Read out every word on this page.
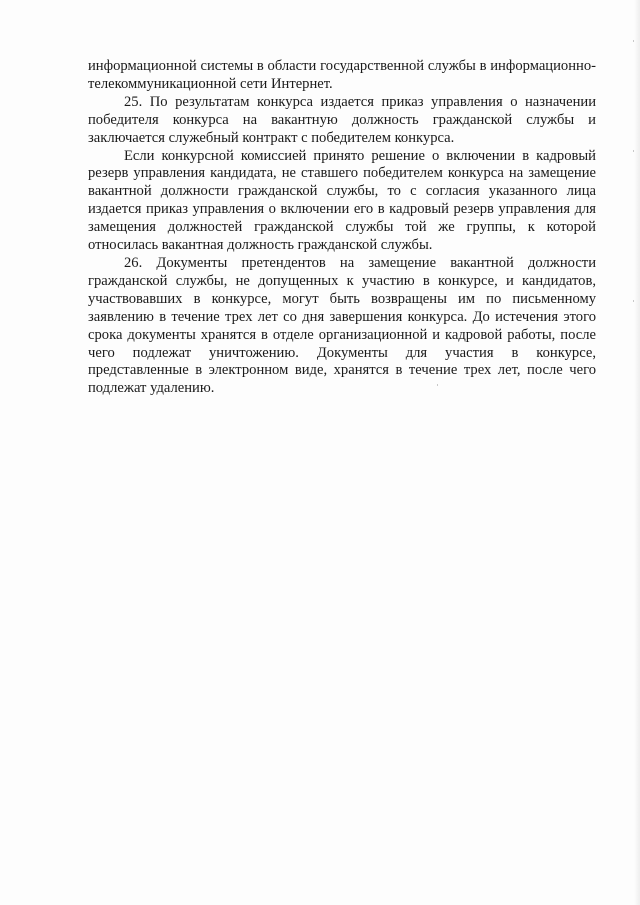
информационной системы в области государственной службы в информационно-телекоммуникационной сети Интернет.

25. По результатам конкурса издается приказ управления о назначении победителя конкурса на вакантную должность гражданской службы и заключается служебный контракт с победителем конкурса.

Если конкурсной комиссией принято решение о включении в кадровый резерв управления кандидата, не ставшего победителем конкурса на замещение вакантной должности гражданской службы, то с согласия указанного лица издается приказ управления о включении его в кадровый резерв управления для замещения должностей гражданской службы той же группы, к которой относилась вакантная должность гражданской службы.

26. Документы претендентов на замещение вакантной должности гражданской службы, не допущенных к участию в конкурсе, и кандидатов, участвовавших в конкурсе, могут быть возвращены им по письменному заявлению в течение трех лет со дня завершения конкурса. До истечения этого срока документы хранятся в отделе организационной и кадровой работы, после чего подлежат уничтожению. Документы для участия в конкурсе, представленные в электронном виде, хранятся в течение трех лет, после чего подлежат удалению.
